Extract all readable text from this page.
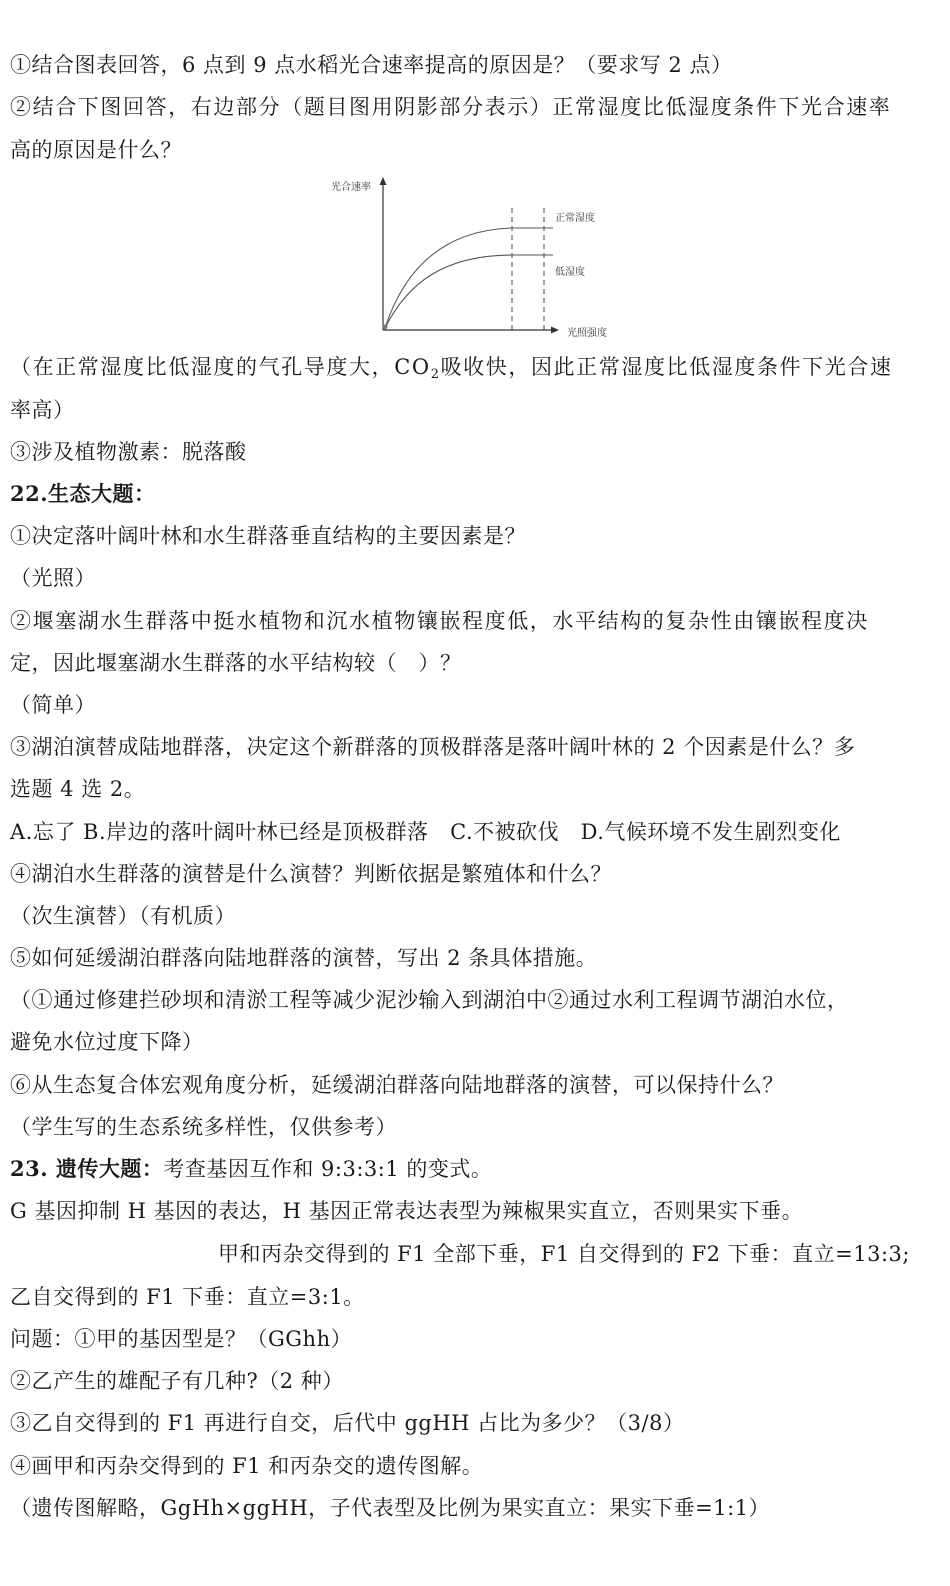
①结合图表回答，6 点到 9 点水稻光合速率提高的原因是？（要求写 2 点）
②结合下图回答，右边部分（题目图用阴影部分表示）正常湿度比低湿度条件下光合速率
高的原因是什么？
光合速率
光照强度
正常湿度
低湿度
（在正常湿度比低湿度的气孔导度大，$CO_2$吸收快，因此正常湿度比低湿度条件下光合速
率高）
③涉及植物激素：脱落酸
22.生态大题：
①决定落叶阔叶林和水生群落垂直结构的主要因素是？
（光照）
②堰塞湖水生群落中挺水植物和沉水植物镶嵌程度低，水平结构的复杂性由镶嵌程度决
定，因此堰塞湖水生群落的水平结构较（　）？
（简单）
③湖泊演替成陆地群落，决定这个新群落的顶极群落是落叶阔叶林的 2 个因素是什么？多
选题 4 选 2。
A.忘了 B.岸边的落叶阔叶林已经是顶极群落　C.不被砍伐　D.气候环境不发生剧烈变化
④湖泊水生群落的演替是什么演替？判断依据是繁殖体和什么？
（次生演替）（有机质）
⑤如何延缓湖泊群落向陆地群落的演替，写出 2 条具体措施。
（①通过修建拦砂坝和清淤工程等减少泥沙输入到湖泊中②通过水利工程调节湖泊水位，
避免水位过度下降）
⑥从生态复合体宏观角度分析，延缓湖泊群落向陆地群落的演替，可以保持什么？
（学生写的生态系统多样性，仅供参考）
23. 遗传大题：考查基因互作和 9:3:3:1 的变式。
G 基因抑制 H 基因的表达，H 基因正常表达表型为辣椒果实直立，否则果实下垂。
甲和丙杂交得到的 F1 全部下垂，F1 自交得到的 F2 下垂：直立=13:3;
乙自交得到的 F1 下垂：直立=3:1。
问题：①甲的基因型是？（GGhh）
②乙产生的雄配子有几种?（2 种）
③乙自交得到的 F1 再进行自交，后代中 ggHH 占比为多少？（3/8）
④画甲和丙杂交得到的 F1 和丙杂交的遗传图解。
（遗传图解略，GgHh×ggHH，子代表型及比例为果实直立：果实下垂=1:1）
